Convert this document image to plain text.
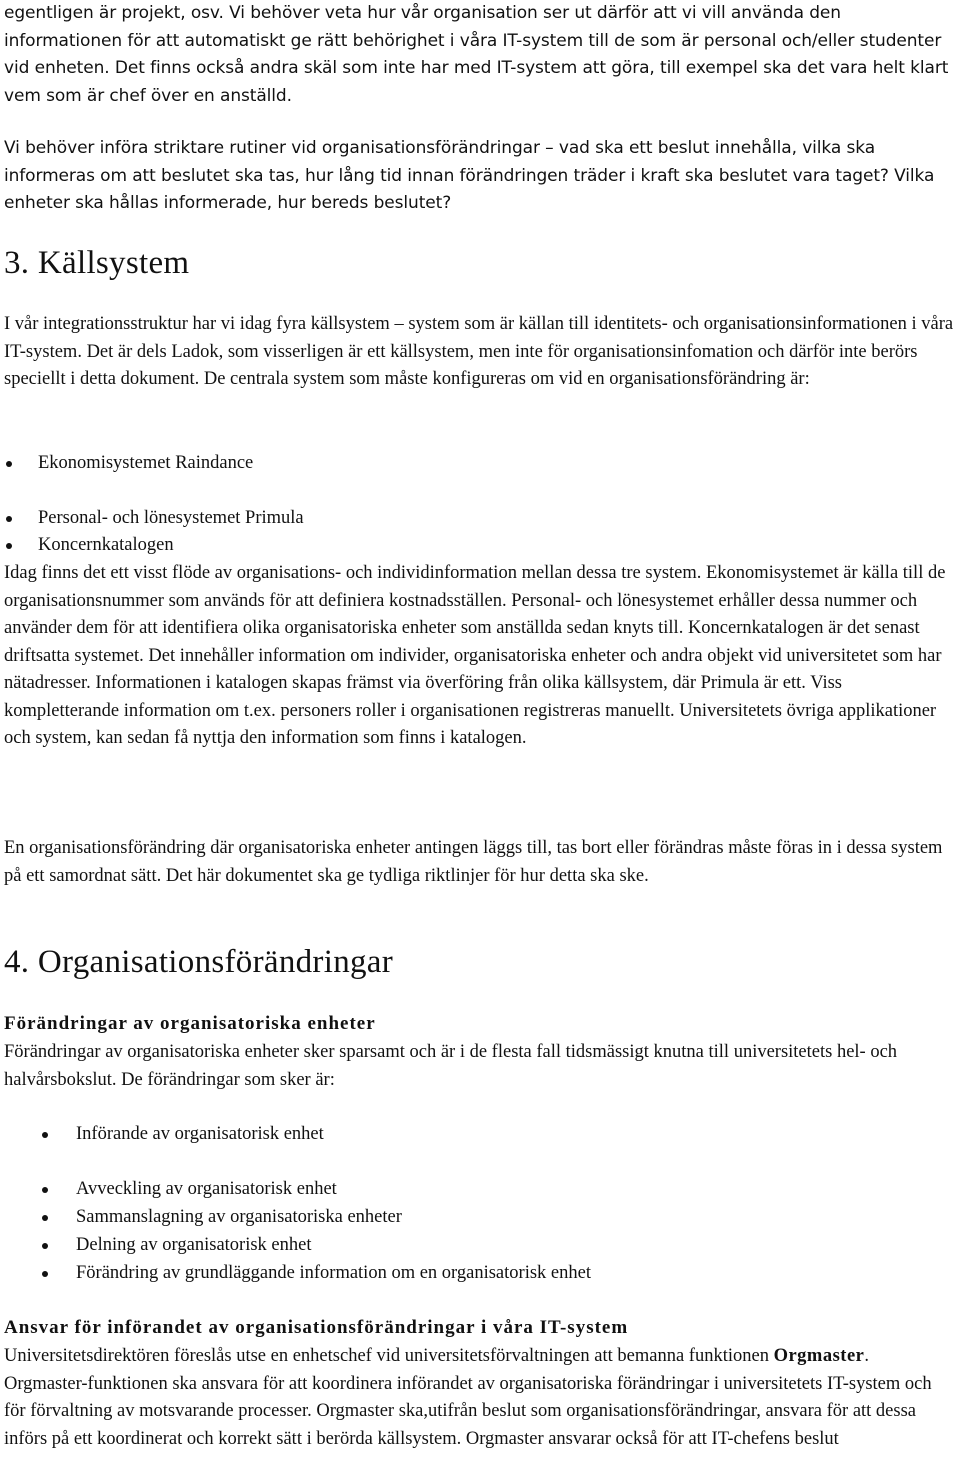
egentligen är projekt, osv. Vi behöver veta hur vår organisation ser ut därför att vi vill använda den informationen för att automatiskt ge rätt behörighet i våra IT-system till de som är personal och/eller studenter vid enheten. Det finns också andra skäl som inte har med IT-system att göra, till exempel ska det vara helt klart vem som är chef över en anställd.

Vi behöver införa striktare rutiner vid organisationsförändringar – vad ska ett beslut innehålla, vilka ska informeras om att beslutet ska tas, hur lång tid innan förändringen träder i kraft ska beslutet vara taget? Vilka enheter ska hållas informerade, hur bereds beslutet?

3. Källsystem

I vår integrationsstruktur har vi idag fyra källsystem – system som är källan till identitets- och organisationsinformationen i våra IT-system. Det är dels Ladok, som visserligen är ett källsystem, men inte för organisationsinfomation och därför inte berörs speciellt i detta dokument. De centrala system som måste konfigureras om vid en organisationsförändring är:

Ekonomisystemet Raindance
Personal- och lönesystemet Primula
Koncernkatalogen

Idag finns det ett visst flöde av organisations- och individinformation mellan dessa tre system. Ekonomisystemet är källa till de organisationsnummer som används för att definiera kostnadsställen. Personal- och lönesystemet erhåller dessa nummer och använder dem för att identifiera olika organisatoriska enheter som anställda sedan knyts till. Koncernkatalogen är det senast driftsatta systemet. Det innehåller information om individer, organisatoriska enheter och andra objekt vid universitetet som har nätadresser. Informationen i katalogen skapas främst via överföring från olika källsystem, där Primula är ett. Viss kompletterande information om t.ex. personers roller i organisationen registreras manuellt. Universitetets övriga applikationer och system, kan sedan få nyttja den information som finns i katalogen.

En organisationsförändring där organisatoriska enheter antingen läggs till, tas bort eller förändras måste föras in i dessa system på ett samordnat sätt. Det här dokumentet ska ge tydliga riktlinjer för hur detta ska ske.

4. Organisationsförändringar
Förändringar av organisatoriska enheter

Förändringar av organisatoriska enheter sker sparsamt och är i de flesta fall tidsmässigt knutna till universitetets hel- och halvårsbokslut. De förändringar som sker är:

Införande av organisatorisk enhet
Avveckling av organisatorisk enhet
Sammanslagning av organisatoriska enheter
Delning av organisatorisk enhet
Förändring av grundläggande information om en organisatorisk enhet
Ansvar för införandet av organisationsförändringar i våra IT-system

Universitetsdirektören föreslås utse en enhetschef vid universitetsförvaltningen att bemanna funktionen Orgmaster. Orgmaster-funktionen ska ansvara för att koordinera införandet av organisatoriska förändringar i universitetets IT-system och för förvaltning av motsvarande processer. Orgmaster ska,utifrån beslut som organisationsförändringar, ansvara för att dessa införs på ett koordinerat och korrekt sätt i berörda källsystem. Orgmaster ansvarar också för att IT-chefens beslut
